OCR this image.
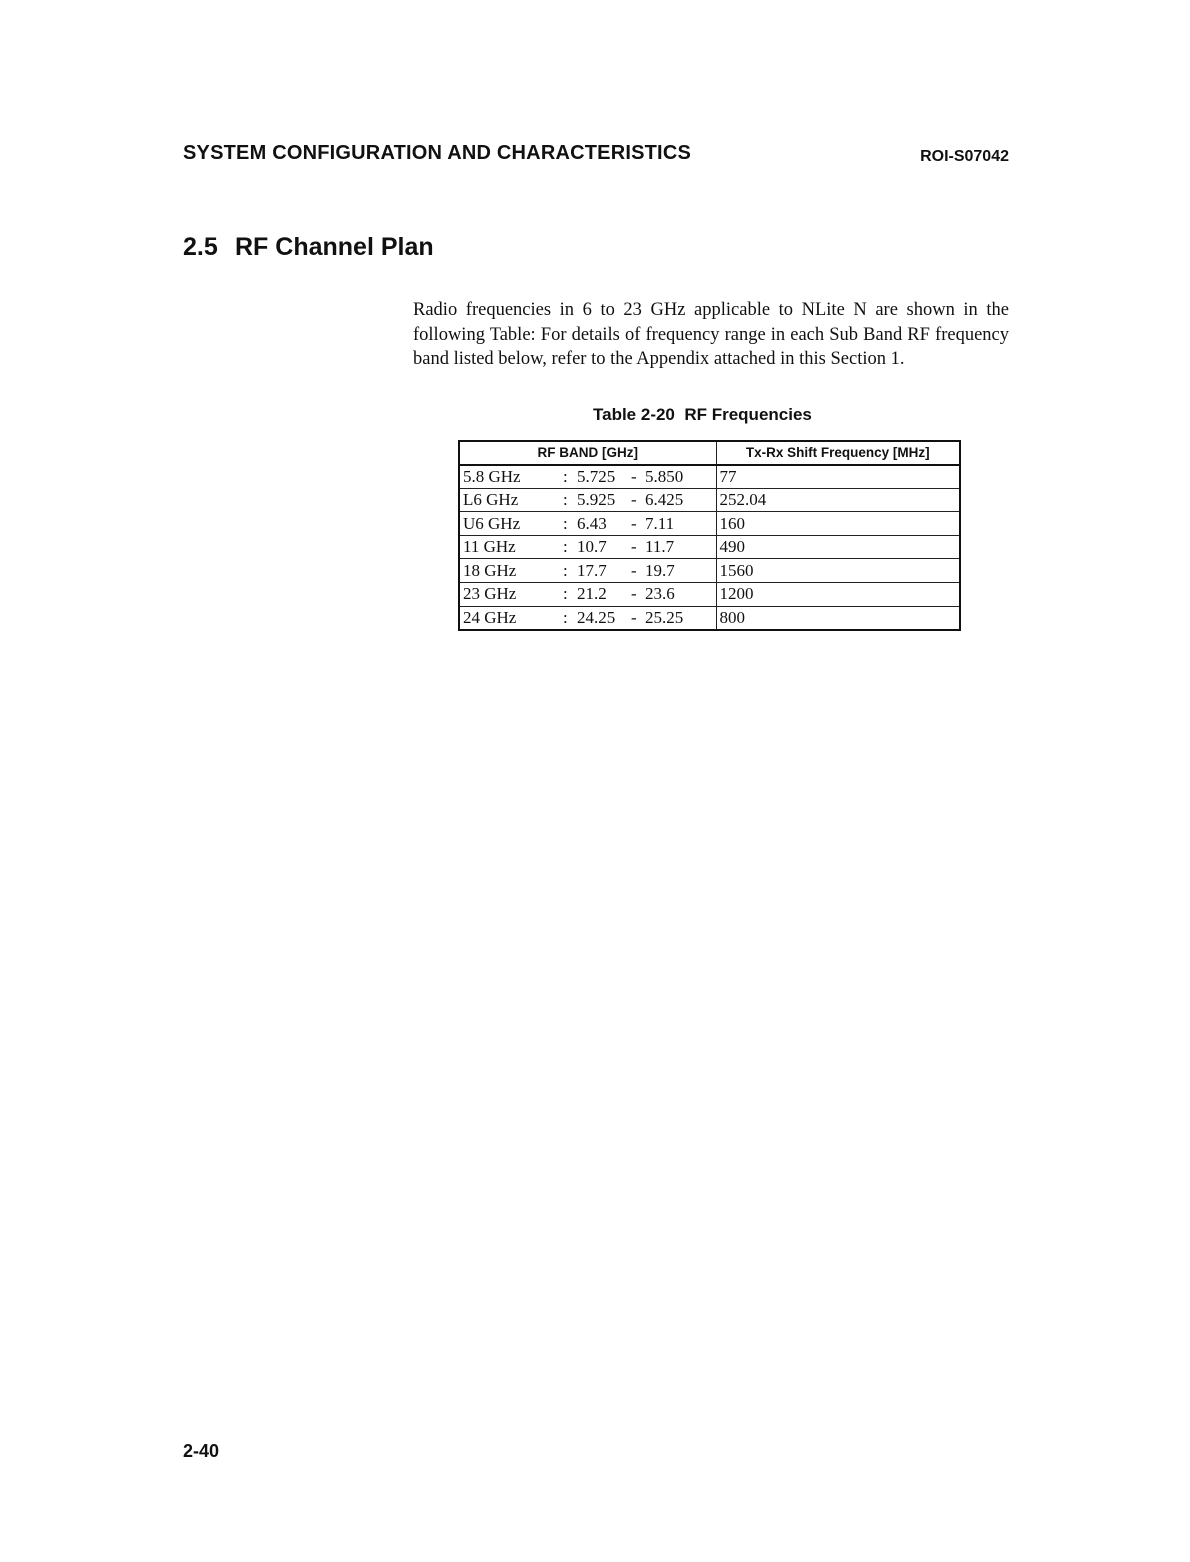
SYSTEM CONFIGURATION AND CHARACTERISTICS	ROI-S07042
2.5 RF Channel Plan
Radio frequencies in 6 to 23 GHz applicable to NLite N are shown in the following Table: For details of frequency range in each Sub Band RF frequency band listed below, refer to the Appendix attached in this Section 1.
Table 2-20  RF Frequencies
RF BAND [GHz]	Tx-Rx Shift Frequency [MHz]
5.8 GHz : 5.725 - 5.850	77
L6 GHz : 5.925 - 6.425	252.04
U6 GHz : 6.43 - 7.11	160
11 GHz : 10.7 - 11.7	490
18 GHz : 17.7 - 19.7	1560
23 GHz : 21.2 - 23.6	1200
24 GHz : 24.25 - 25.25	800
2-40
